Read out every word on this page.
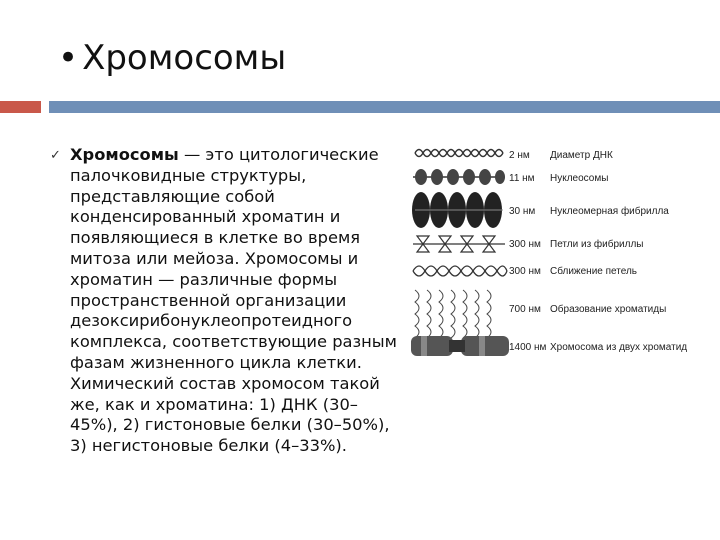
• Хромосомы
✓ Хромосомы — это цитологические палочковидные структуры, представляющие собой конденсированный хроматин и появляющиеся в клетке во время митоза или мейоза. Хромосомы и хроматин — различные формы пространственной организации дезоксирибонуклеопротеидного комплекса, соответствующие разным фазам жизненного цикла клетки. Химический состав хромосом такой же, как и хроматина: 1) ДНК (30–45%), 2) гистоновые белки (30–50%), 3) негистоновые белки (4–33%).
2 нм Диаметр ДНК
11 нм Нуклеосомы
30 нм Нуклеомерная фибрилла
300 нм Петли из фибриллы
300 нм Сближение петель
700 нм Образование хроматиды
1400 нм Хромосома из двух хроматид
